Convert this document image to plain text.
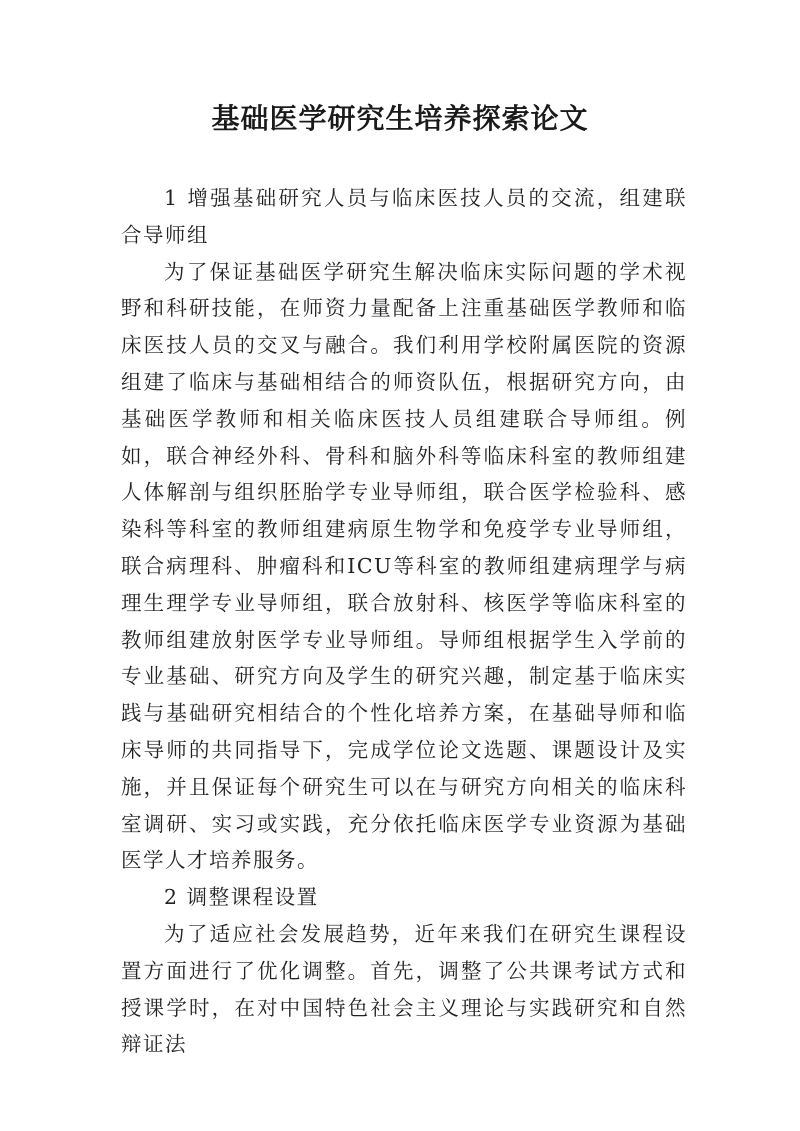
基础医学研究生培养探索论文

1 增强基础研究人员与临床医技人员的交流，组建联合导师组

为了保证基础医学研究生解决临床实际问题的学术视野和科研技能，在师资力量配备上注重基础医学教师和临床医技人员的交叉与融合。我们利用学校附属医院的资源组建了临床与基础相结合的师资队伍，根据研究方向，由基础医学教师和相关临床医技人员组建联合导师组。例如，联合神经外科、骨科和脑外科等临床科室的教师组建人体解剖与组织胚胎学专业导师组，联合医学检验科、感染科等科室的教师组建病原生物学和免疫学专业导师组，联合病理科、肿瘤科和ICU等科室的教师组建病理学与病理生理学专业导师组，联合放射科、核医学等临床科室的教师组建放射医学专业导师组。导师组根据学生入学前的专业基础、研究方向及学生的研究兴趣，制定基于临床实践与基础研究相结合的个性化培养方案，在基础导师和临床导师的共同指导下，完成学位论文选题、课题设计及实施，并且保证每个研究生可以在与研究方向相关的临床科室调研、实习或实践，充分依托临床医学专业资源为基础医学人才培养服务。

2 调整课程设置

为了适应社会发展趋势，近年来我们在研究生课程设置方面进行了优化调整。首先，调整了公共课考试方式和授课学时，在对中国特色社会主义理论与实践研究和自然辩证法
